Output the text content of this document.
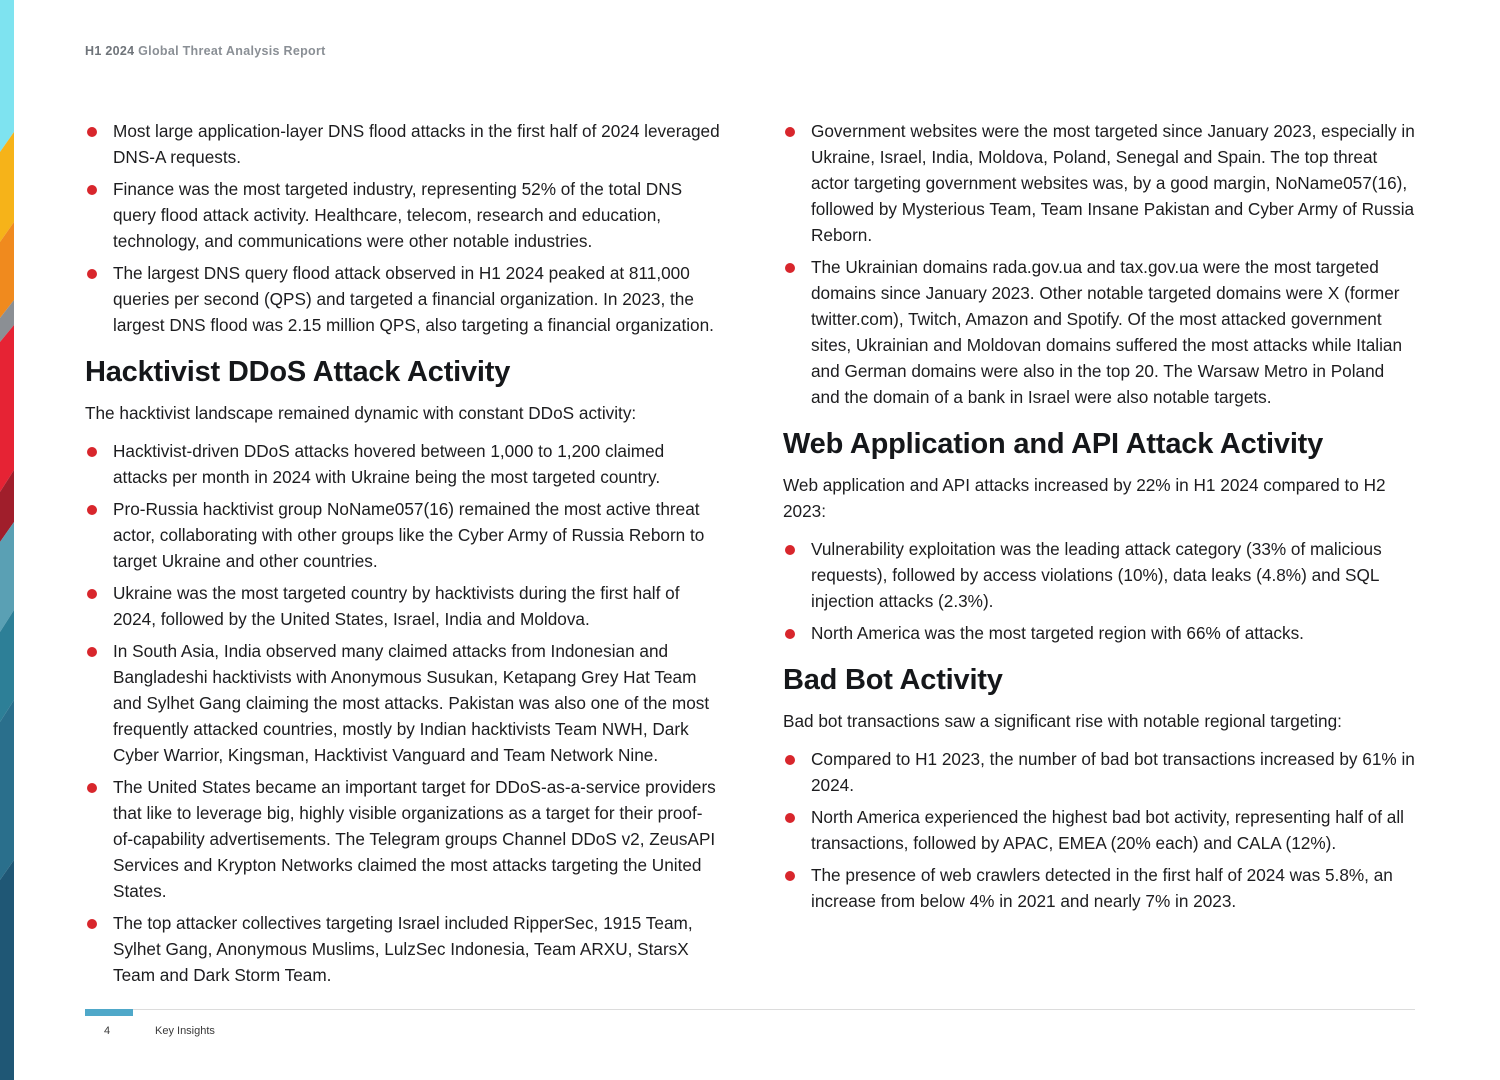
H1 2024 Global Threat Analysis Report
Most large application-layer DNS flood attacks in the first half of 2024 leveraged DNS-A requests.
Finance was the most targeted industry, representing 52% of the total DNS query flood attack activity. Healthcare, telecom, research and education, technology, and communications were other notable industries.
The largest DNS query flood attack observed in H1 2024 peaked at 811,000 queries per second (QPS) and targeted a financial organization. In 2023, the largest DNS flood was 2.15 million QPS, also targeting a financial organization.
Hacktivist DDoS Attack Activity

The hacktivist landscape remained dynamic with constant DDoS activity:

Hacktivist-driven DDoS attacks hovered between 1,000 to 1,200 claimed attacks per month in 2024 with Ukraine being the most targeted country.
Pro-Russia hacktivist group NoName057(16) remained the most active threat actor, collaborating with other groups like the Cyber Army of Russia Reborn to target Ukraine and other countries.
Ukraine was the most targeted country by hacktivists during the first half of 2024, followed by the United States, Israel, India and Moldova.
In South Asia, India observed many claimed attacks from Indonesian and Bangladeshi hacktivists with Anonymous Susukan, Ketapang Grey Hat Team and Sylhet Gang claiming the most attacks. Pakistan was also one of the most frequently attacked countries, mostly by Indian hacktivists Team NWH, Dark Cyber Warrior, Kingsman, Hacktivist Vanguard and Team Network Nine.
The United States became an important target for DDoS-as-a-service providers that like to leverage big, highly visible organizations as a target for their proof-of-capability advertisements. The Telegram groups Channel DDoS v2, ZeusAPI Services and Krypton Networks claimed the most attacks targeting the United States.
The top attacker collectives targeting Israel included RipperSec, 1915 Team, Sylhet Gang, Anonymous Muslims, LulzSec Indonesia, Team ARXU, StarsX Team and Dark Storm Team.
Government websites were the most targeted since January 2023, especially in Ukraine, Israel, India, Moldova, Poland, Senegal and Spain. The top threat actor targeting government websites was, by a good margin, NoName057(16), followed by Mysterious Team, Team Insane Pakistan and Cyber Army of Russia Reborn.
The Ukrainian domains rada.gov.ua and tax.gov.ua were the most targeted domains since January 2023. Other notable targeted domains were X (former twitter.com), Twitch, Amazon and Spotify. Of the most attacked government sites, Ukrainian and Moldovan domains suffered the most attacks while Italian and German domains were also in the top 20. The Warsaw Metro in Poland and the domain of a bank in Israel were also notable targets.
Web Application and API Attack Activity

Web application and API attacks increased by 22% in H1 2024 compared to H2 2023:

Vulnerability exploitation was the leading attack category (33% of malicious requests), followed by access violations (10%), data leaks (4.8%) and SQL injection attacks (2.3%).
North America was the most targeted region with 66% of attacks.
Bad Bot Activity

Bad bot transactions saw a significant rise with notable regional targeting:

Compared to H1 2023, the number of bad bot transactions increased by 61% in 2024.
North America experienced the highest bad bot activity, representing half of all transactions, followed by APAC, EMEA (20% each) and CALA (12%).
The presence of web crawlers detected in the first half of 2024 was 5.8%, an increase from below 4% in 2021 and nearly 7% in 2023.
4	Key Insights
